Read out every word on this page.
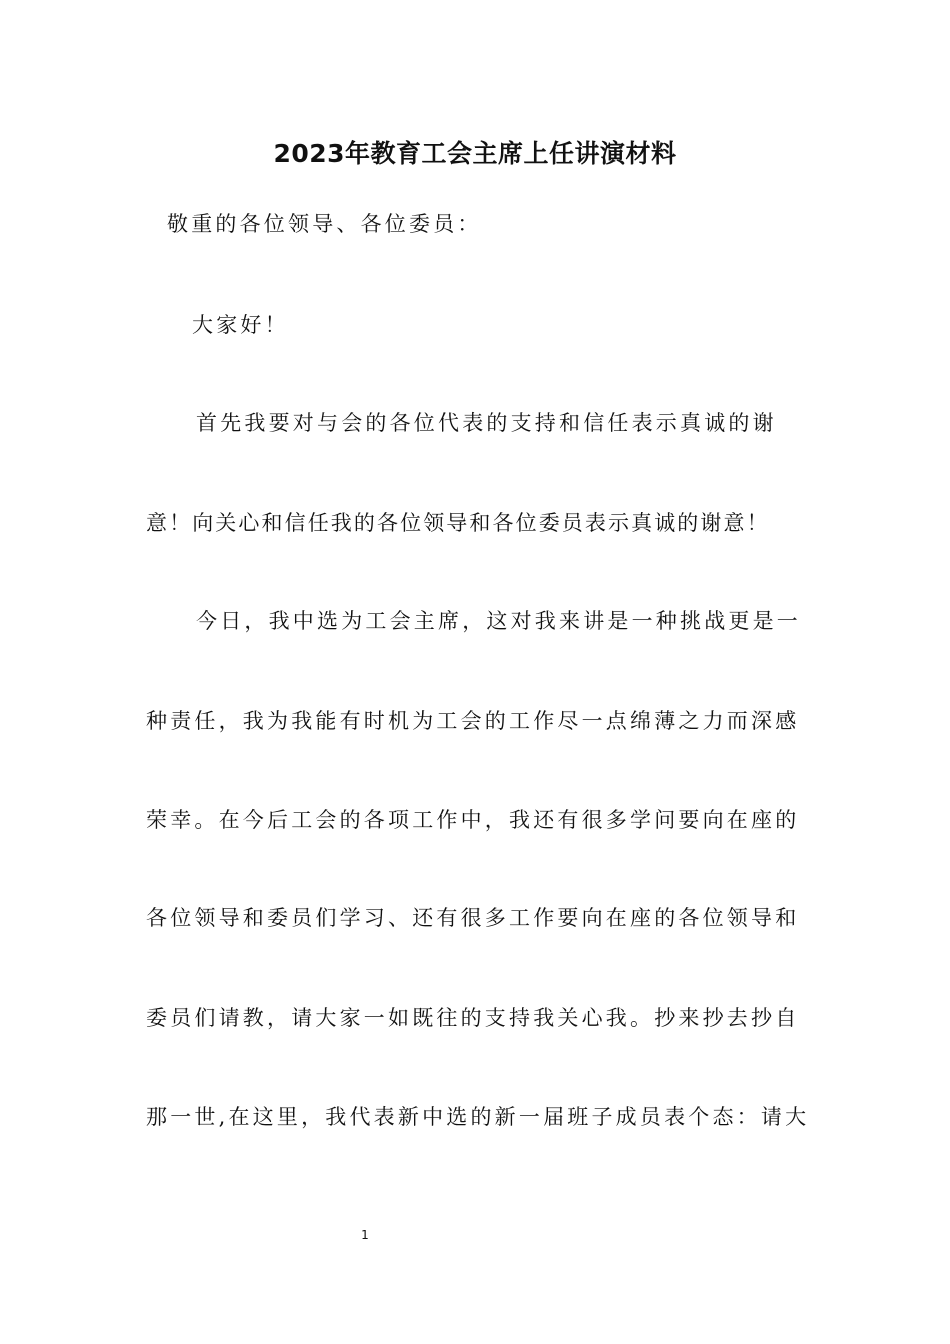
2023年教育工会主席上任讲演材料

敬重的各位领导、各位委员：

大家好！

首先我要对与会的各位代表的支持和信任表示真诚的谢

意！向关心和信任我的各位领导和各位委员表示真诚的谢意！

今日，我中选为工会主席，这对我来讲是一种挑战更是一

种责任，我为我能有时机为工会的工作尽一点绵薄之力而深感

荣幸。在今后工会的各项工作中，我还有很多学问要向在座的

各位领导和委员们学习、还有很多工作要向在座的各位领导和

委员们请教，请大家一如既往的支持我关心我。抄来抄去抄自

那一世,在这里，我代表新中选的新一届班子成员表个态：请大

1
